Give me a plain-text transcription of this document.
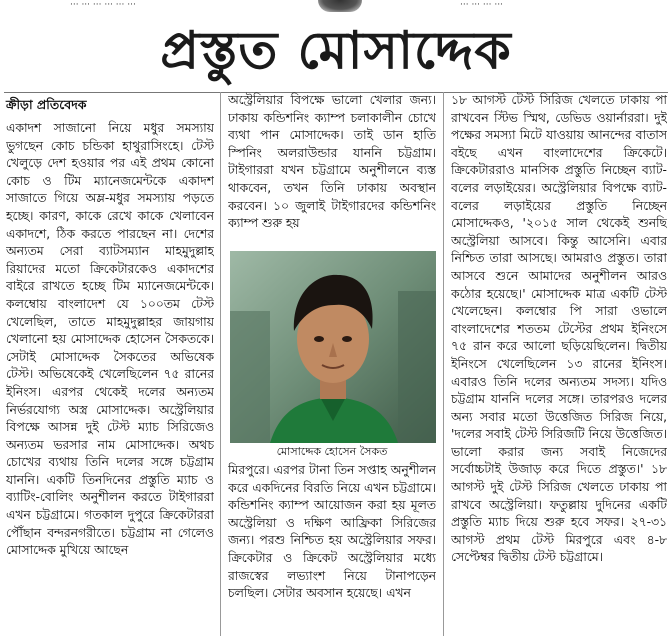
··· ··· ··· ··· ··· ···	··· ··· ··· ···
প্রস্তুত মোসাদ্দেক
ক্রীড়া প্রতিবেদক
একাদশ সাজানো নিয়ে মধুর সমস্যায় ভুগছেন কোচ চন্ডিকা হাথুরাসিংহে। টেস্ট খেলুড়ে দেশ হওয়ার পর এই প্রথম কোনো কোচ ও টিম ম্যানেজমেন্টকে একাদশ সাজাতে গিয়ে অম্ল-মধুর সমস্যায় পড়তে হচ্ছে। কারণ, কাকে রেখে কাকে খেলাবেন একাদশে, ঠিক করতে পারছেন না। দেশের অন্যতম সেরা ব্যাটসম্যান মাহমুদুল্লাহ রিয়াদের মতো ক্রিকেটারকেও একাদশের বাইরে রাখতে হচ্ছে টিম ম্যানেজমেন্টকে। কলম্বোয় বাংলাদেশ যে ১০০তম টেস্ট খেলেছিল, তাতে মাহমুদুল্লাহর জায়গায় খেলানো হয় মোসাদ্দেক হোসেন সৈকতকে। সেটাই মোসাদ্দেক সৈকতের অভিষেক টেস্ট। অভিষেকেই খেলেছিলেন ৭৫ রানের ইনিংস। এরপর থেকেই দলের অন্যতম নির্ভরযোগ্য অস্ত্র মোসাদ্দেক। অস্ট্রেলিয়ার বিপক্ষে আসন্ন দুই টেস্ট ম্যাচ সিরিজেও অন্যতম ভরসার নাম মোসাদ্দেক। অথচ চোখের ব্যথায় তিনি দলের সঙ্গে চট্টগ্রাম যাননি। একটি তিনদিনের প্রস্তুতি ম্যাচ ও ব্যাটিং-বোলিং অনুশীলন করতে টাইগাররা এখন চট্টগ্রামে। গতকাল দুপুরে ক্রিকেটাররা পৌঁছান বন্দরনগরীতে। চট্টগ্রাম না গেলেও মোসাদ্দেক মুখিয়ে আছেন
অস্ট্রেলিয়ার বিপক্ষে ভালো খেলার জন্য। ঢাকায় কন্ডিশনিং ক্যাম্প চলাকালীন চোখে ব্যথা পান মোসাদ্দেক। তাই ডান হাতি স্পিনিং অলরাউন্ডার যাননি চট্টগ্রাম। টাইগাররা যখন চট্টগ্রামে অনুশীলনে ব্যস্ত থাকবেন, তখন তিনি ঢাকায় অবস্থান করবেন। ১০ জুলাই টাইগারদের কন্ডিশনিং ক্যাম্প শুরু হয়
মোসাদ্দেক হোসেন সৈকত
মিরপুরে। এরপর টানা তিন সপ্তাহ অনুশীলন করে একদিনের বিরতি নিয়ে এখন চট্টগ্রামে। কন্ডিশনিং ক্যাম্প আয়োজন করা হয় মূলত অস্ট্রেলিয়া ও দক্ষিণ আফ্রিকা সিরিজের জন্য। পরশু নিশ্চিত হয় অস্ট্রেলিয়ার সফর। ক্রিকেটার ও ক্রিকেট অস্ট্রেলিয়ার মধ্যে রাজস্বের লভ্যাংশ নিয়ে টানাপড়েন চলছিল। সেটার অবসান হয়েছে। এখন
১৮ আগস্ট টেস্ট সিরিজ খেলতে ঢাকায় পা রাখবেন স্টিভ স্মিথ, ডেভিড ওয়ার্নাররা। দুই পক্ষের সমস্যা মিটে যাওয়ায় আনন্দের বাতাস বইছে এখন বাংলাদেশের ক্রিকেটে। ক্রিকেটাররাও মানসিক প্রস্তুতি নিচ্ছেন ব্যাট-বলের লড়াইয়ের। অস্ট্রেলিয়ার বিপক্ষে ব্যাট-বলের লড়াইয়ের প্রস্তুতি নিচ্ছেন মোসাদ্দেকও, '২০১৫ সাল থেকেই শুনছি অস্ট্রেলিয়া আসবে। কিন্তু আসেনি। এবার নিশ্চিত তারা আসছে। আমরাও প্রস্তুত। তারা আসবে শুনে আমাদের অনুশীলন আরও কঠোর হয়েছে।' মোসাদ্দেক মাত্র একটি টেস্ট খেলেছেন। কলম্বোর পি সারা ওভালে বাংলাদেশের শততম টেস্টের প্রথম ইনিংসে ৭৫ রান করে আলো ছড়িয়েছিলেন। দ্বিতীয় ইনিংসে খেলেছিলেন ১৩ রানের ইনিংস। এবারও তিনি দলের অন্যতম সদস্য। যদিও চট্টগ্রাম যাননি দলের সঙ্গে। তারপরও দলের অন্য সবার মতো উত্তেজিত সিরিজ নিয়ে, 'দলের সবাই টেস্ট সিরিজটি নিয়ে উত্তেজিত। ভালো করার জন্য সবাই নিজেদের সর্বোচ্চটাই উজাড় করে দিতে প্রস্তুত।' ১৮ আগস্ট দুই টেস্ট সিরিজ খেলতে ঢাকায় পা রাখবে অস্ট্রেলিয়া। ফতুল্লায় দুদিনের একটি প্রস্তুতি ম্যাচ দিয়ে শুরু হবে সফর। ২৭-৩১ আগস্ট প্রথম টেস্ট মিরপুরে এবং ৪-৮ সেপ্টেম্বর দ্বিতীয় টেস্ট চট্টগ্রামে।
